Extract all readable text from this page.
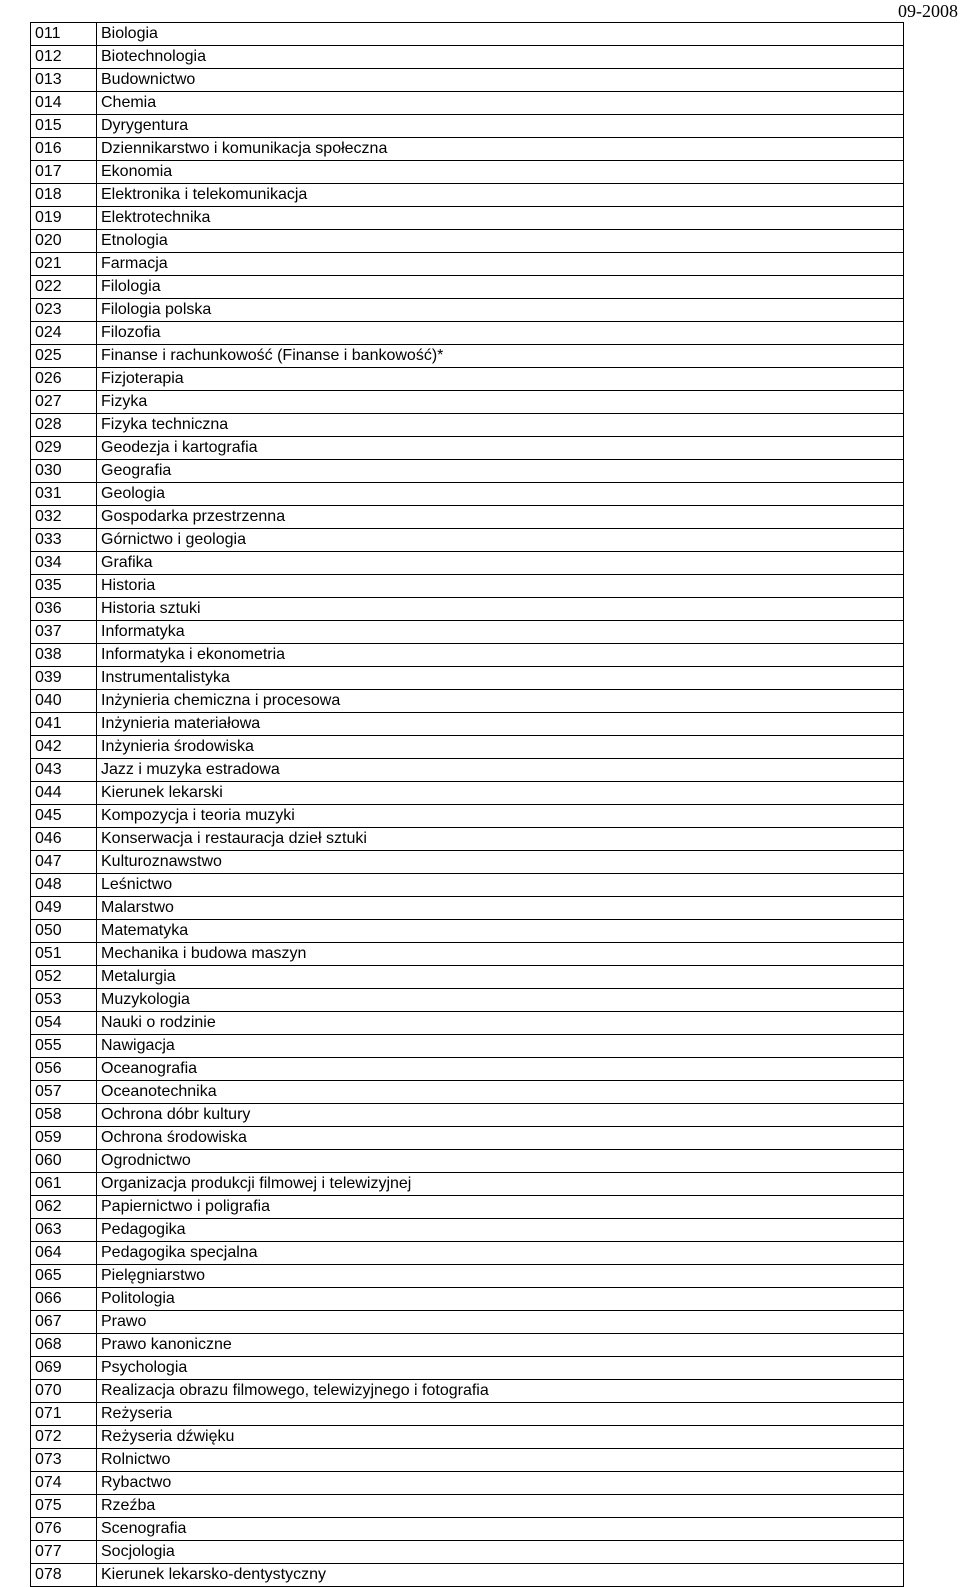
09-2008
011	Biologia
012	Biotechnologia
013	Budownictwo
014	Chemia
015	Dyrygentura
016	Dziennikarstwo i komunikacja społeczna
017	Ekonomia
018	Elektronika i telekomunikacja
019	Elektrotechnika
020	Etnologia
021	Farmacja
022	Filologia
023	Filologia polska
024	Filozofia
025	Finanse i rachunkowość (Finanse i bankowość)*
026	Fizjoterapia
027	Fizyka
028	Fizyka techniczna
029	Geodezja i kartografia
030	Geografia
031	Geologia
032	Gospodarka przestrzenna
033	Górnictwo i geologia
034	Grafika
035	Historia
036	Historia sztuki
037	Informatyka
038	Informatyka i ekonometria
039	Instrumentalistyka
040	Inżynieria chemiczna i procesowa
041	Inżynieria materiałowa
042	Inżynieria środowiska
043	Jazz i muzyka estradowa
044	Kierunek lekarski
045	Kompozycja i teoria muzyki
046	Konserwacja i restauracja dzieł sztuki
047	Kulturoznawstwo
048	Leśnictwo
049	Malarstwo
050	Matematyka
051	Mechanika i budowa maszyn
052	Metalurgia
053	Muzykologia
054	Nauki o rodzinie
055	Nawigacja
056	Oceanografia
057	Oceanotechnika
058	Ochrona dóbr kultury
059	Ochrona środowiska
060	Ogrodnictwo
061	Organizacja produkcji filmowej i telewizyjnej
062	Papiernictwo i poligrafia
063	Pedagogika
064	Pedagogika specjalna
065	Pielęgniarstwo
066	Politologia
067	Prawo
068	Prawo kanoniczne
069	Psychologia
070	Realizacja obrazu filmowego, telewizyjnego i fotografia
071	Reżyseria
072	Reżyseria dźwięku
073	Rolnictwo
074	Rybactwo
075	Rzeźba
076	Scenografia
077	Socjologia
078	Kierunek lekarsko-dentystyczny
